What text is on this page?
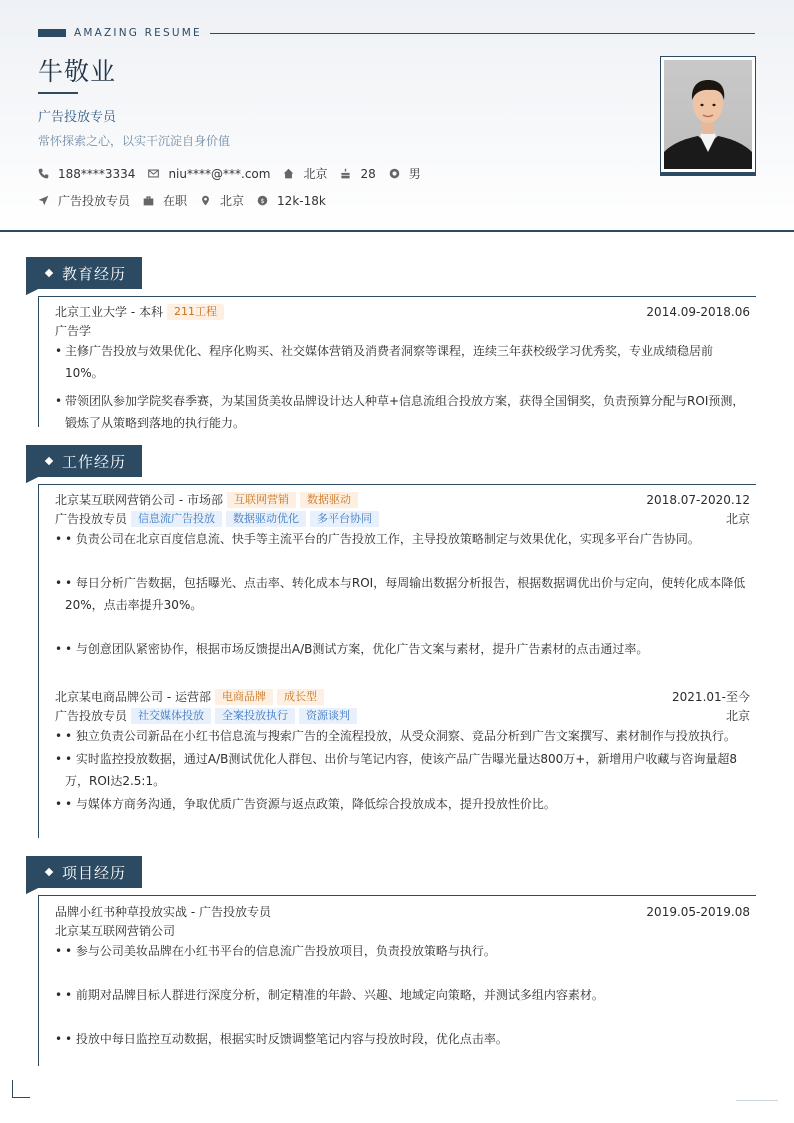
AMAZING RESUME
牛敬业
广告投放专员
常怀探索之心，以实干沉淀自身价值
188****3334	niu****@***.com	北京	28	男
广告投放专员	在职	北京 $ 12k-18k
教育经历
北京工业大学 - 本科	211工程	2014.09-2018.06
广告学
• 主修广告投放与效果优化、程序化购买、社交媒体营销及消费者洞察等课程，连续三年获校级学习优秀奖，专业成绩稳居前10%。
• 带领团队参加学院奖春季赛，为某国货美妆品牌设计达人种草+信息流组合投放方案，获得全国铜奖，负责预算分配与ROI预测，锻炼了从策略到落地的执行能力。
工作经历
北京某互联网营销公司 - 市场部	互联网营销	数据驱动	2018.07-2020.12
广告投放专员	信息流广告投放	数据驱动优化	多平台协同	北京
• • 负责公司在北京百度信息流、快手等主流平台的广告投放工作，主导投放策略制定与效果优化，实现多平台广告协同。
• • 每日分析广告数据，包括曝光、点击率、转化成本与ROI，每周输出数据分析报告，根据数据调优出价与定向，使转化成本降低20%，点击率提升30%。
• • 与创意团队紧密协作，根据市场反馈提出A/B测试方案，优化广告文案与素材，提升广告素材的点击通过率。
北京某电商品牌公司 - 运营部	电商品牌	成长型	2021.01-至今
广告投放专员	社交媒体投放	全案投放执行	资源谈判	北京
• • 独立负责公司新品在小红书信息流与搜索广告的全流程投放，从受众洞察、竞品分析到广告文案撰写、素材制作与投放执行。
• • 实时监控投放数据，通过A/B测试优化人群包、出价与笔记内容，使该产品广告曝光量达800万+，新增用户收藏与咨询量超8万，ROI达2.5:1。
• • 与媒体方商务沟通，争取优质广告资源与返点政策，降低综合投放成本，提升投放性价比。
项目经历
品牌小红书种草投放实战 - 广告投放专员	2019.05-2019.08
北京某互联网营销公司
• • 参与公司美妆品牌在小红书平台的信息流广告投放项目，负责投放策略与执行。
• • 前期对品牌目标人群进行深度分析，制定精准的年龄、兴趣、地域定向策略，并测试多组内容素材。
• • 投放中每日监控互动数据，根据实时反馈调整笔记内容与投放时段，优化点击率。
